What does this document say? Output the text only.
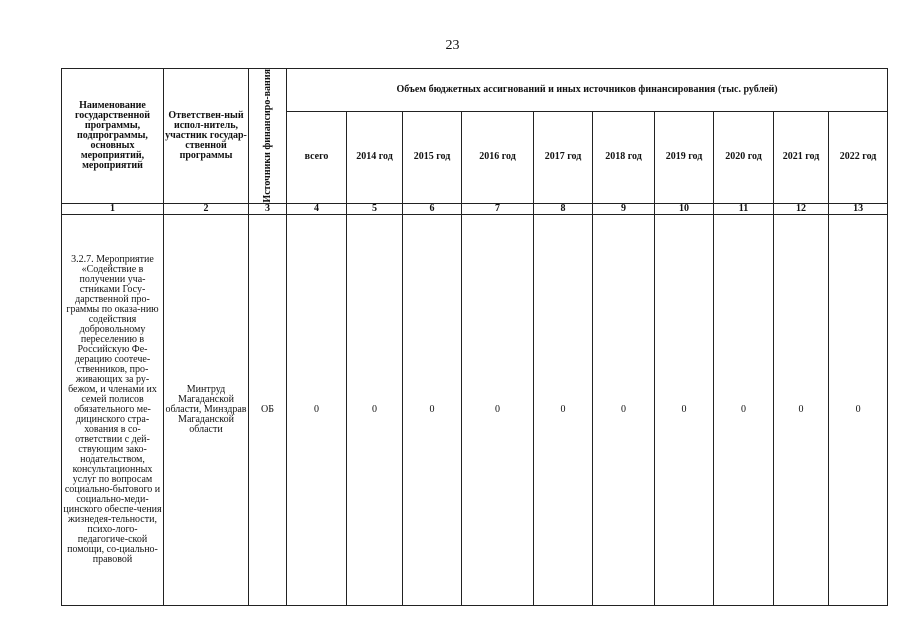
23
Наименование государственной программы, подпрограммы, основных мероприятий, мероприятий	Ответствен-ный испол-нитель, участник государ-ственной программы	Источники финансиро-вания	Объем бюджетных ассигнований и иных источников финансирования (тыс. рублей)									
			всего	2014 год	2015 год	2016 год	2017 год	2018 год	2019 год	2020 год	2021 год	2022 год
1	2	3	4	5	6	7	8	9	10	11	12	13
3.2.7. Мероприятие «Содействие в получении уча-стниками Госу-дарственной про-граммы по оказа-нию содействия добровольному переселению в Российскую Фе-дерацию соотече-ственников, про-живающих за ру-бежом, и членами их семей полисов обязательного ме-дицинского стра-хования в со-ответствии с дей-ствующим зако-нодательством, консультационных услуг по вопросам социально-бытового и социально-меди-цинского обеспе-чения жизнедея-тельности, психо-лого-педагогиче-ской помощи, со-циально-правовой	Минтруд Магаданской области, Минздрав Магаданской области	ОБ	0	0	0	0	0	0	0	0	0	0
